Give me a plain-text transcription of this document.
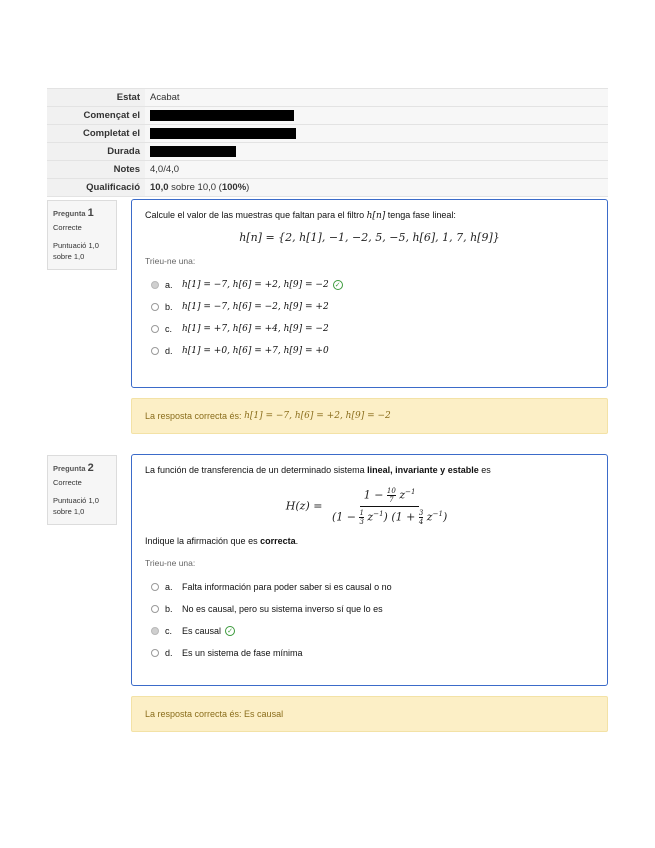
Estat	Acabat
Començat el	
Completat el	
Durada	
Notes	4,0/4,0
Qualificació	10,0 sobre 10,0 (100%)
Pregunta 1
Correcte
Puntuació 1,0 sobre 1,0
Calcule el valor de las muestras que faltan para el filtro h[n] tenga fase lineal:
h[n] = {2, h[1], −1, −2, 5, −5, h[6], 1, 7, h[9]}
Trieu-ne una:
a.	h[1] = −7, h[6] = +2, h[9] = −2 ✓
b.	h[1] = −7, h[6] = −2, h[9] = +2
c.	h[1] = +7, h[6] = +4, h[9] = −2
d.	h[1] = +0, h[6] = +7, h[9] = +0
La resposta correcta és:
h[1] = −7, h[6] = +2, h[9] = −2
Pregunta 2
Correcte
Puntuació 1,0 sobre 1,0
La función de transferencia de un determinado sistema lineal, invariante y estable es
$H(z) = \frac{1 - \frac{10}{7} z^{-1}}{(1 - \frac{1}{3} z^{-1}) (1 + \frac{3}{4} z^{-1})}$
Indique la afirmación que es correcta.
Trieu-ne una:
a.	Falta información para poder saber si es causal o no
b.	No es causal, pero su sistema inverso sí que lo es
c.	Es causal ✓
d.	Es un sistema de fase mínima
La resposta correcta és: Es causal
